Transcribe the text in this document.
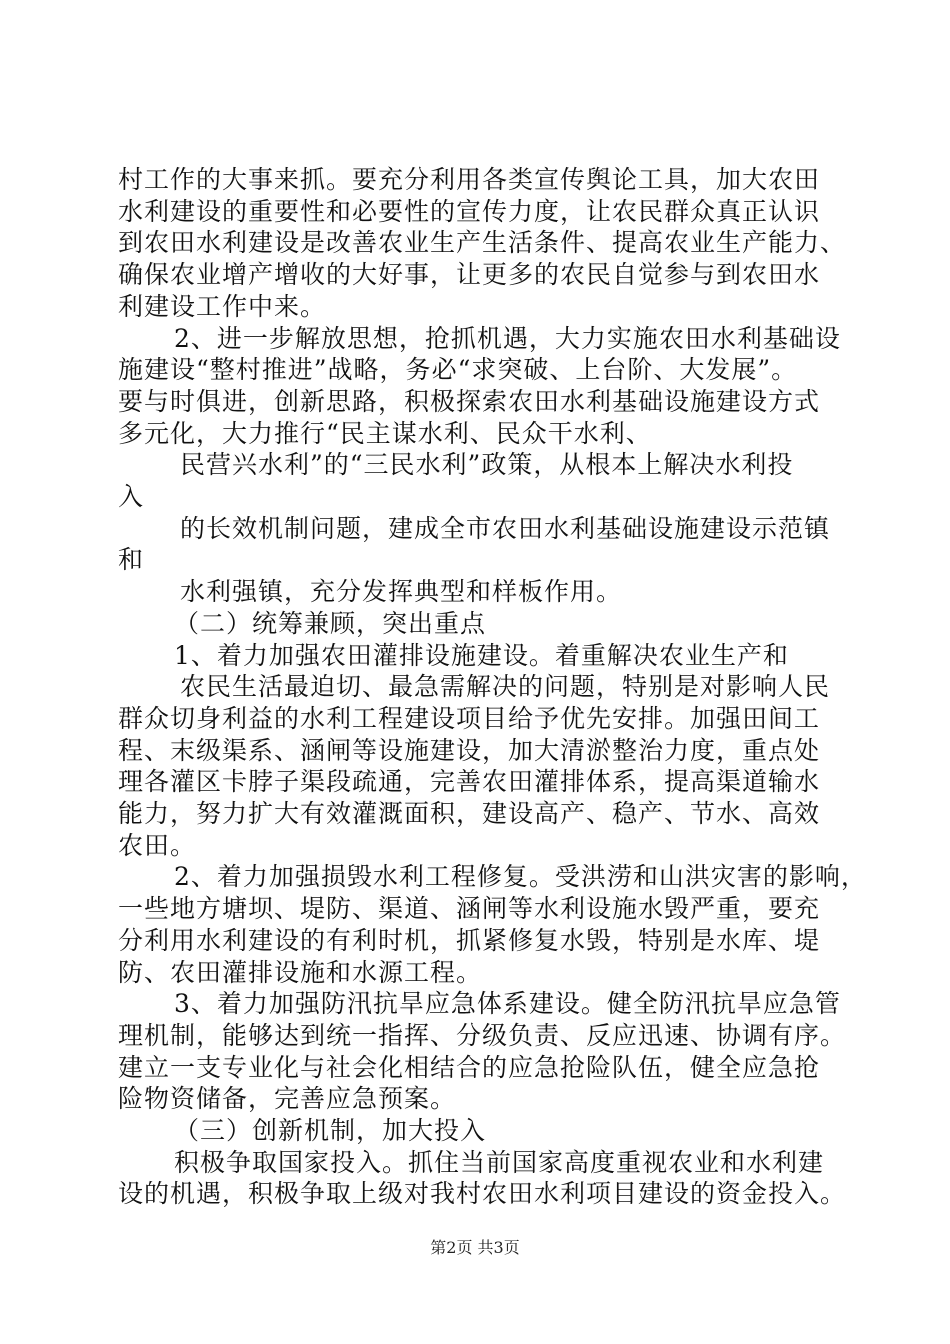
村工作的大事来抓。要充分利用各类宣传舆论工具，加大农田
水利建设的重要性和必要性的宣传力度，让农民群众真正认识
到农田水利建设是改善农业生产生活条件、提高农业生产能力、
确保农业增产增收的大好事，让更多的农民自觉参与到农田水
利建设工作中来。
2、进一步解放思想，抢抓机遇，大力实施农田水利基础设
施建设“整村推进”战略，务必“求突破、上台阶、大发展”。
要与时俱进，创新思路，积极探索农田水利基础设施建设方式
多元化，大力推行“民主谋水利、民众干水利、
民营兴水利”的“三民水利”政策，从根本上解决水利投
入
的长效机制问题，建成全市农田水利基础设施建设示范镇
和
水利强镇，充分发挥典型和样板作用。
（二）统筹兼顾，突出重点
1、着力加强农田灌排设施建设。着重解决农业生产和
农民生活最迫切、最急需解决的问题，特别是对影响人民
群众切身利益的水利工程建设项目给予优先安排。加强田间工
程、末级渠系、涵闸等设施建设，加大清淤整治力度，重点处
理各灌区卡脖子渠段疏通，完善农田灌排体系，提高渠道输水
能力，努力扩大有效灌溉面积，建设高产、稳产、节水、高效
农田。
2、着力加强损毁水利工程修复。受洪涝和山洪灾害的影响，
一些地方塘坝、堤防、渠道、涵闸等水利设施水毁严重，要充
分利用水利建设的有利时机，抓紧修复水毁，特别是水库、堤
防、农田灌排设施和水源工程。
3、着力加强防汛抗旱应急体系建设。健全防汛抗旱应急管
理机制，能够达到统一指挥、分级负责、反应迅速、协调有序。
建立一支专业化与社会化相结合的应急抢险队伍，健全应急抢
险物资储备，完善应急预案。
（三）创新机制，加大投入
积极争取国家投入。抓住当前国家高度重视农业和水利建
设的机遇，积极争取上级对我村农田水利项目建设的资金投入。
第2页 共3页
